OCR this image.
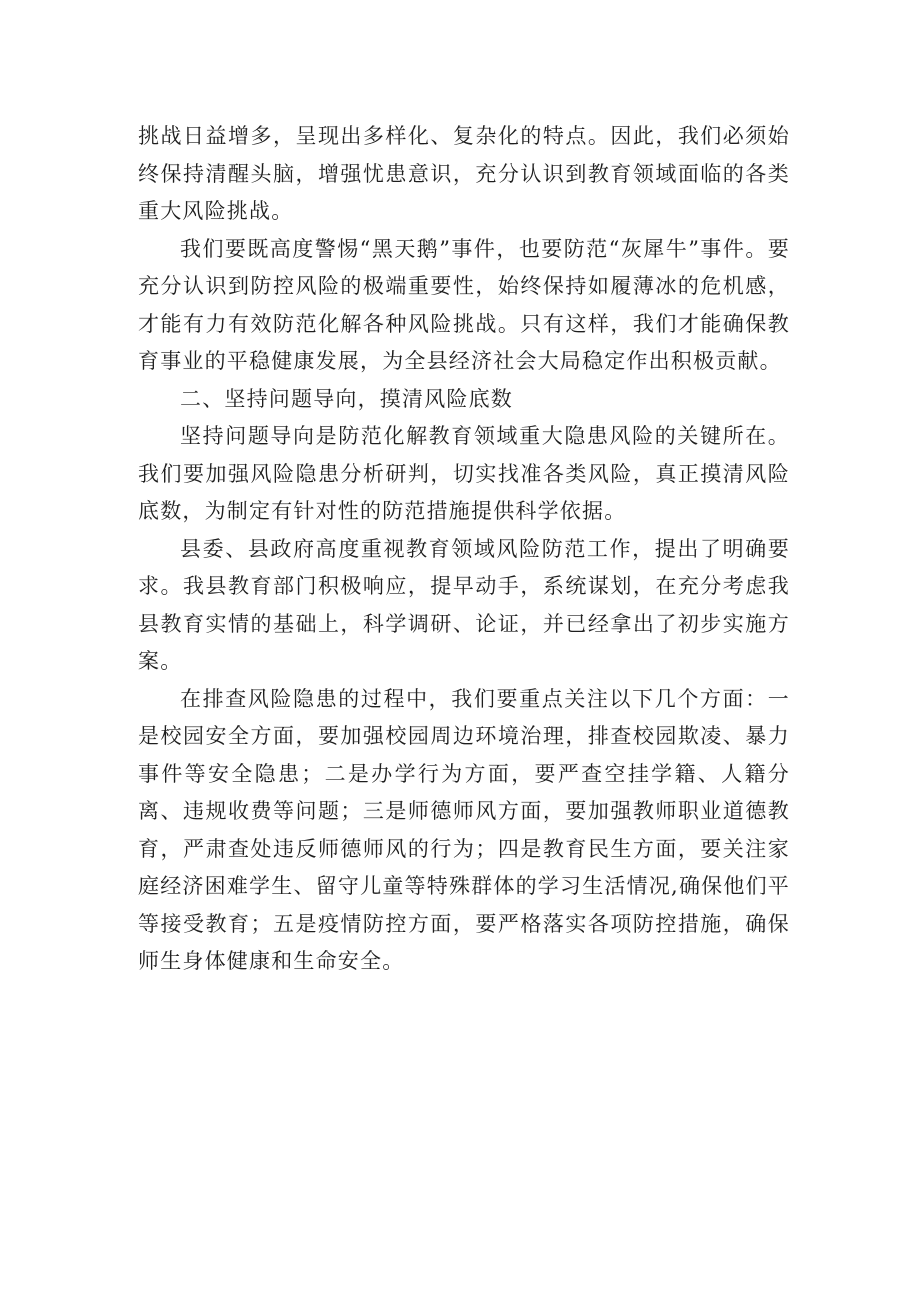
挑战日益增多，呈现出多样化、复杂化的特点。因此，我们必须始终保持清醒头脑，增强忧患意识，充分认识到教育领域面临的各类重大风险挑战。

我们要既高度警惕“黑天鹅”事件，也要防范“灰犀牛”事件。要充分认识到防控风险的极端重要性，始终保持如履薄冰的危机感，才能有力有效防范化解各种风险挑战。只有这样，我们才能确保教育事业的平稳健康发展，为全县经济社会大局稳定作出积极贡献。

二、坚持问题导向，摸清风险底数

坚持问题导向是防范化解教育领域重大隐患风险的关键所在。我们要加强风险隐患分析研判，切实找准各类风险，真正摸清风险底数，为制定有针对性的防范措施提供科学依据。

县委、县政府高度重视教育领域风险防范工作，提出了明确要求。我县教育部门积极响应，提早动手，系统谋划，在充分考虑我县教育实情的基础上，科学调研、论证，并已经拿出了初步实施方案。

在排查风险隐患的过程中，我们要重点关注以下几个方面：一是校园安全方面，要加强校园周边环境治理，排查校园欺凌、暴力事件等安全隐患；二是办学行为方面，要严查空挂学籍、人籍分离、违规收费等问题；三是师德师风方面，要加强教师职业道德教育，严肃查处违反师德师风的行为；四是教育民生方面，要关注家庭经济困难学生、留守儿童等特殊群体的学习生活情况,确保他们平等接受教育；五是疫情防控方面，要严格落实各项防控措施，确保师生身体健康和生命安全。
